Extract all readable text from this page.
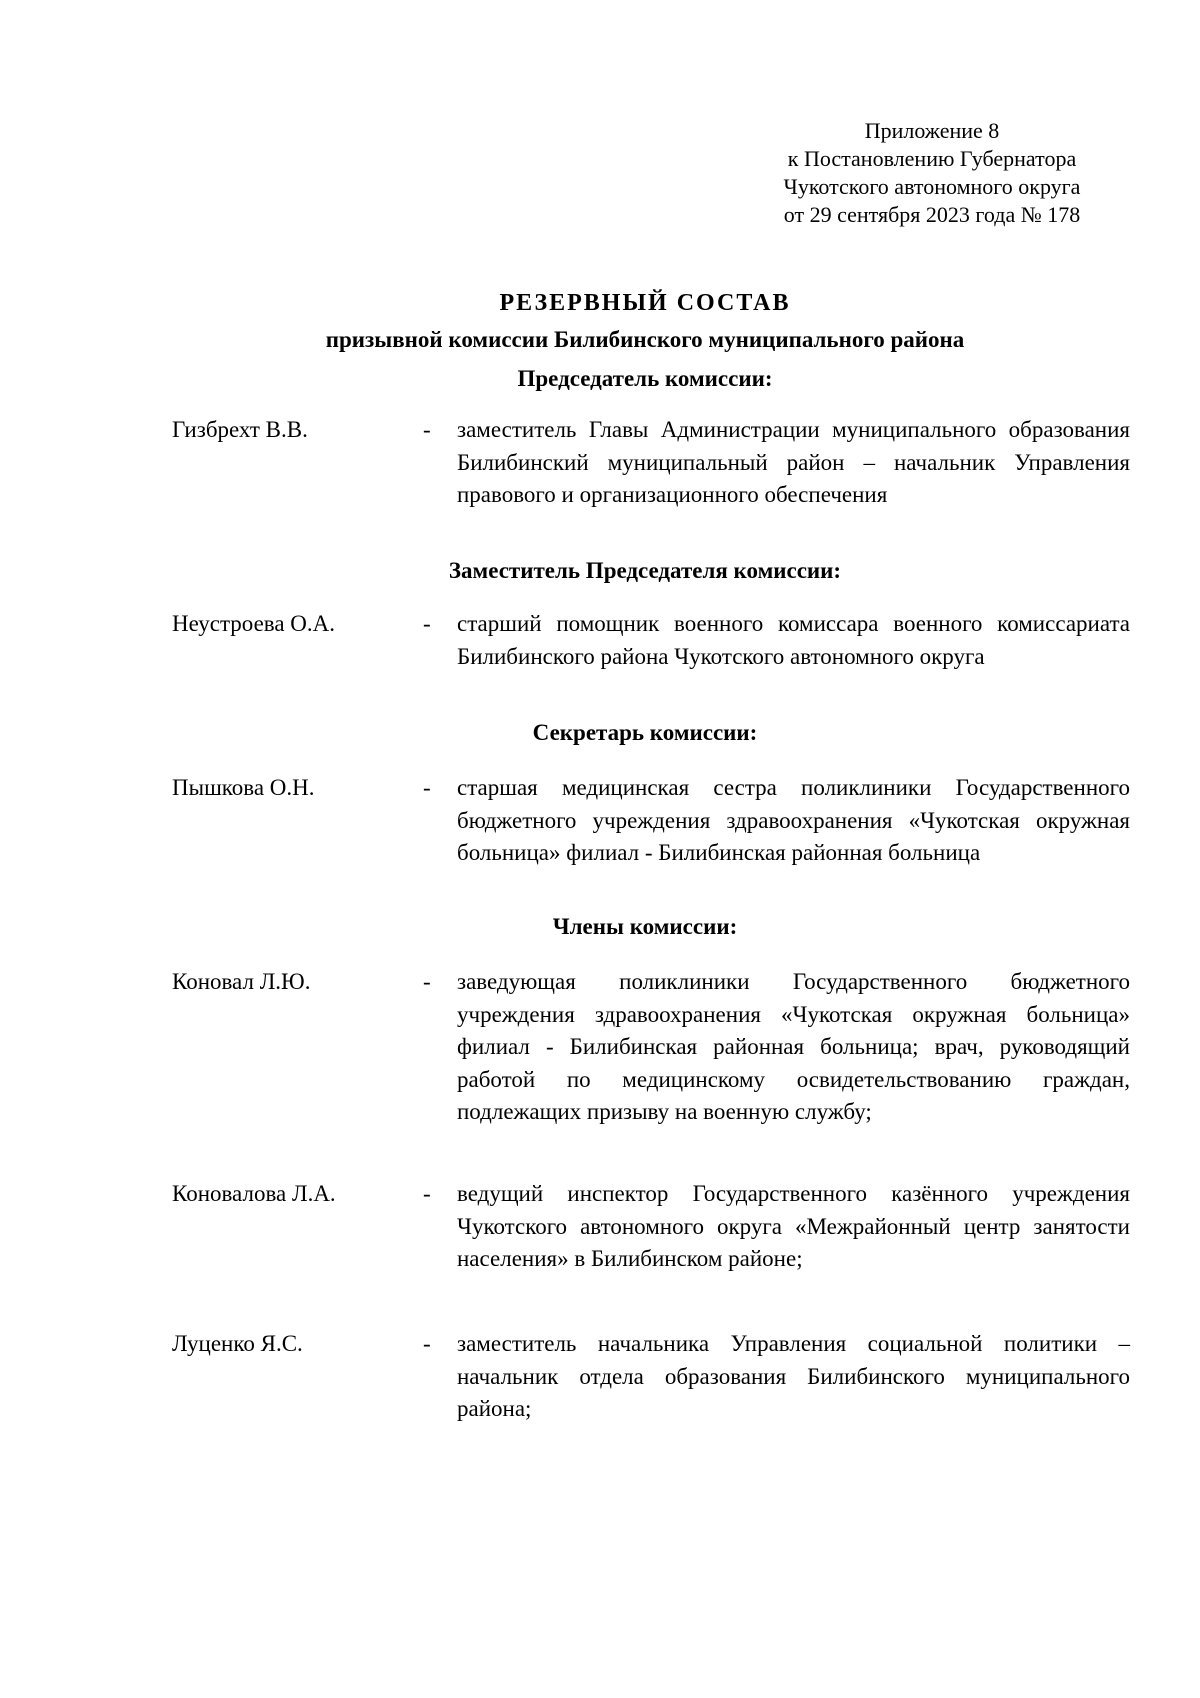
Приложение 8
к Постановлению Губернатора
Чукотского автономного округа
от 29 сентября 2023 года № 178
РЕЗЕРВНЫЙ СОСТАВ
призывной комиссии Билибинского муниципального района
Председатель комиссии:
Гизбрехт В.В.	- заместитель Главы Администрации муниципального образования Билибинский муниципальный район – начальник Управления правового и организационного обеспечения
Заместитель Председателя комиссии:
Неустроева О.А.	- старший помощник военного комиссара военного комиссариата Билибинского района Чукотского автономного округа
Секретарь комиссии:
Пышкова О.Н.	- старшая медицинская сестра поликлиники Государственного бюджетного учреждения здравоохранения «Чукотская окружная больница» филиал - Билибинская районная больница
Члены комиссии:
Коновал Л.Ю.	- заведующая поликлиники Государственного бюджетного учреждения здравоохранения «Чукотская окружная больница» филиал - Билибинская районная больница; врач, руководящий работой по медицинскому освидетельствованию граждан, подлежащих призыву на военную службу;
Коновалова Л.А.	- ведущий инспектор Государственного казённого учреждения Чукотского автономного округа «Межрайонный центр занятости населения» в Билибинском районе;
Луценко Я.С.	- заместитель начальника Управления социальной политики – начальник отдела образования Билибинского муниципального района;
